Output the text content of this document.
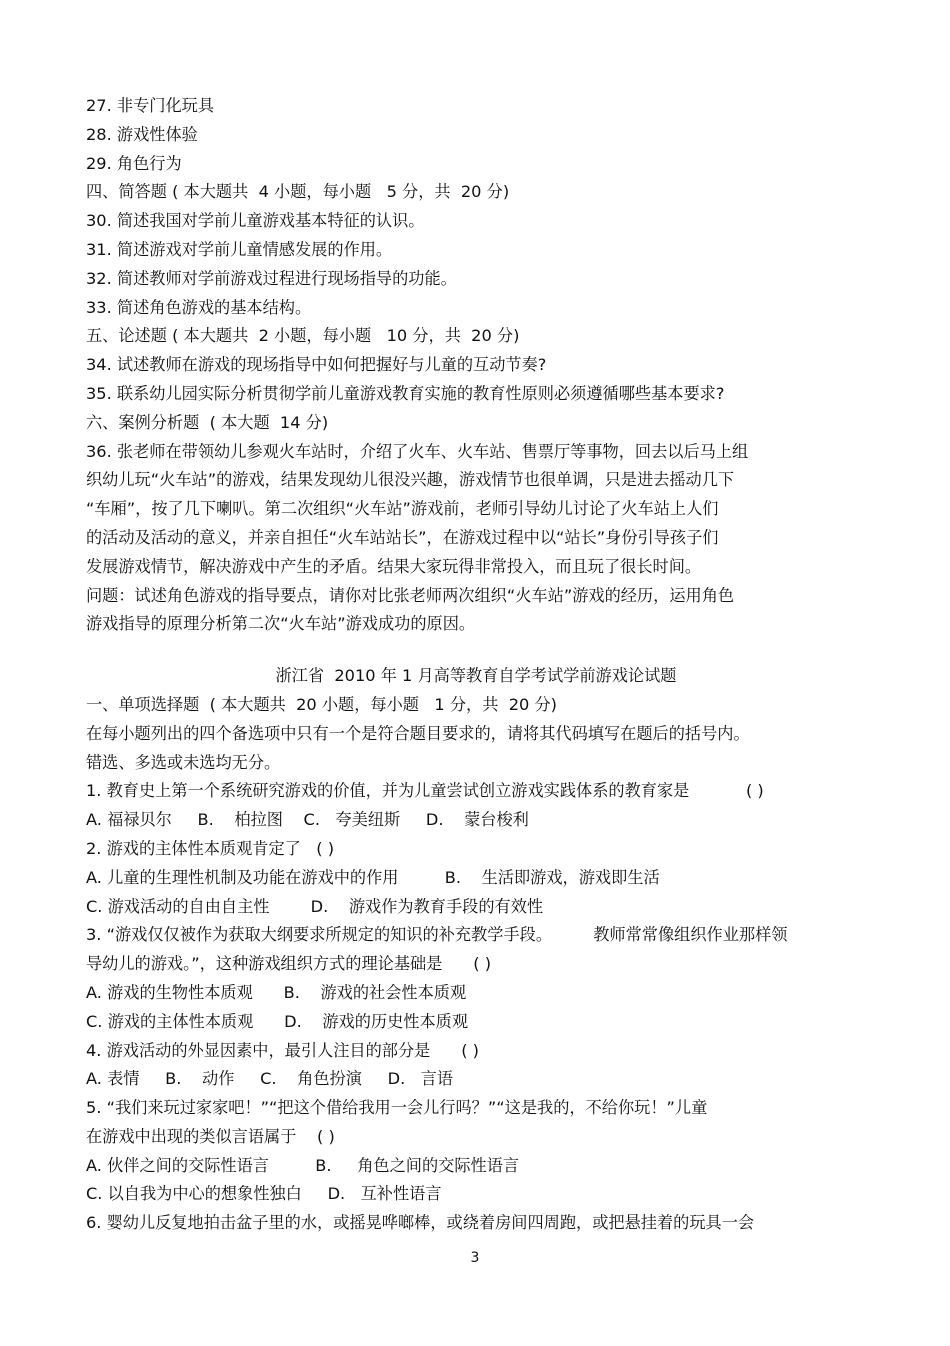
27. 非专门化玩具
28. 游戏性体验
29. 角色行为
四、简答题 ( 本大题共  4 小题，每小题   5 分，共  20 分)
30. 简述我国对学前儿童游戏基本特征的认识。
31. 简述游戏对学前儿童情感发展的作用。
32. 简述教师对学前游戏过程进行现场指导的功能。
33. 简述角色游戏的基本结构。
五、论述题 ( 本大题共  2 小题，每小题   10 分，共  20 分)
34. 试述教师在游戏的现场指导中如何把握好与儿童的互动节奏?
35. 联系幼儿园实际分析贯彻学前儿童游戏教育实施的教育性原则必须遵循哪些基本要求?
六、案例分析题  ( 本大题  14 分)
36. 张老师在带领幼儿参观火车站时，介绍了火车、火车站、售票厅等事物，回去以后马上组
织幼儿玩“火车站”的游戏，结果发现幼儿很没兴趣，游戏情节也很单调，只是进去摇动几下
“车厢”，按了几下喇叭。第二次组织“火车站”游戏前，老师引导幼儿讨论了火车站上人们
的活动及活动的意义，并亲自担任“火车站站长”，在游戏过程中以“站长”身份引导孩子们
发展游戏情节，解决游戏中产生的矛盾。结果大家玩得非常投入，而且玩了很长时间。
问题：试述角色游戏的指导要点，请你对比张老师两次组织“火车站”游戏的经历，运用角色
游戏指导的原理分析第二次“火车站”游戏成功的原因。
浙江省  2010 年 1 月高等教育自学考试学前游戏论试题
一、单项选择题  ( 本大题共  20 小题，每小题   1 分，共  20 分)
在每小题列出的四个备选项中只有一个是符合题目要求的，请将其代码填写在题后的括号内。
错选、多选或未选均无分。
1. 教育史上第一个系统研究游戏的价值，并为儿童尝试创立游戏实践体系的教育家是           ( )
A. 福禄贝尔     B.    柏拉图    C.   夸美纽斯     D.    蒙台梭利
2. 游戏的主体性本质观肯定了   ( )
A. 儿童的生理性机制及功能在游戏中的作用         B.    生活即游戏，游戏即生活
C. 游戏活动的自由自主性        D.    游戏作为教育手段的有效性
3. “游戏仅仅被作为获取大纲要求所规定的知识的补充教学手段。        教师常常像组织作业那样领
导幼儿的游戏。”，这种游戏组织方式的理论基础是      ( )
A. 游戏的生物性本质观      B.    游戏的社会性本质观
C. 游戏的主体性本质观      D.    游戏的历史性本质观
4. 游戏活动的外显因素中，最引人注目的部分是      ( )
A. 表情     B.    动作     C.    角色扮演     D.   言语
5. “我们来玩过家家吧！”“把这个借给我用一会儿行吗？”“这是我的，不给你玩！”儿童
在游戏中出现的类似言语属于    ( )
A. 伙伴之间的交际性语言         B.     角色之间的交际性语言
C. 以自我为中心的想象性独白     D.   互补性语言
6. 婴幼儿反复地拍击盆子里的水，或摇晃哗啷棒，或绕着房间四周跑，或把悬挂着的玩具一会
3
